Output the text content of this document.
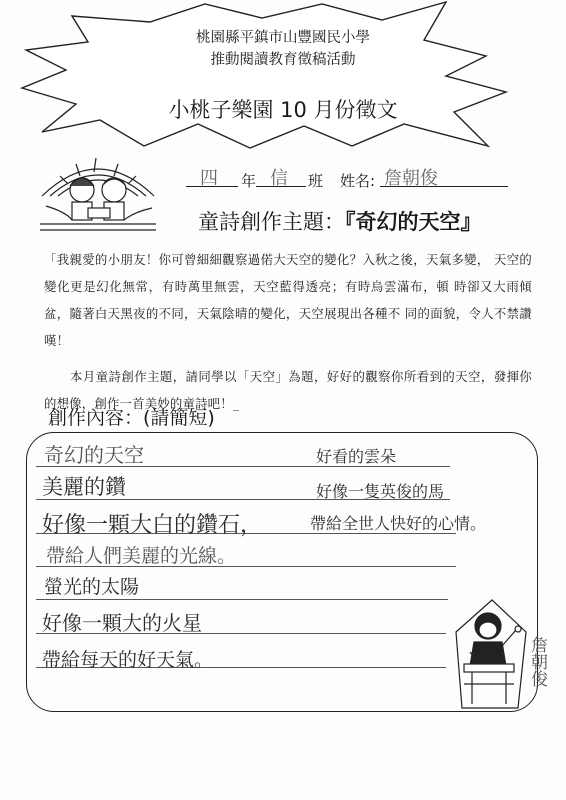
桃園縣平鎮市山豐國民小學
推動閱讀教育徵稿活動
小桃子樂園 10 月份徵文
四 年 信 班 姓名: 詹朝俊
童詩創作主題：『奇幻的天空』

「我親愛的小朋友！你可曾細細觀察過偌大天空的變化？入秋之後，天氣多變， 天空的變化更是幻化無常，有時萬里無雲，天空藍得透亮；有時烏雲滿布，頓 時卻又大雨傾盆，隨著白天黑夜的不同，天氣陰晴的變化，天空展現出各種不 同的面貌，令人不禁讚嘆！

本月童詩創作主題，請同學以「天空」為題，好好的觀察你所看到的天空，發揮你的想像，創作一首美妙的童詩吧！_

創作內容：(請簡短)
奇幻的天空
美麗的鑽
好像一顆大白的鑽石，
帶給人們美麗的光線。
螢光的太陽
好像一顆大的火星
帶給每天的好天氣。
好看的雲朵
好像一隻英俊的馬
帶給全世人快好的心情。
詹朝俊
